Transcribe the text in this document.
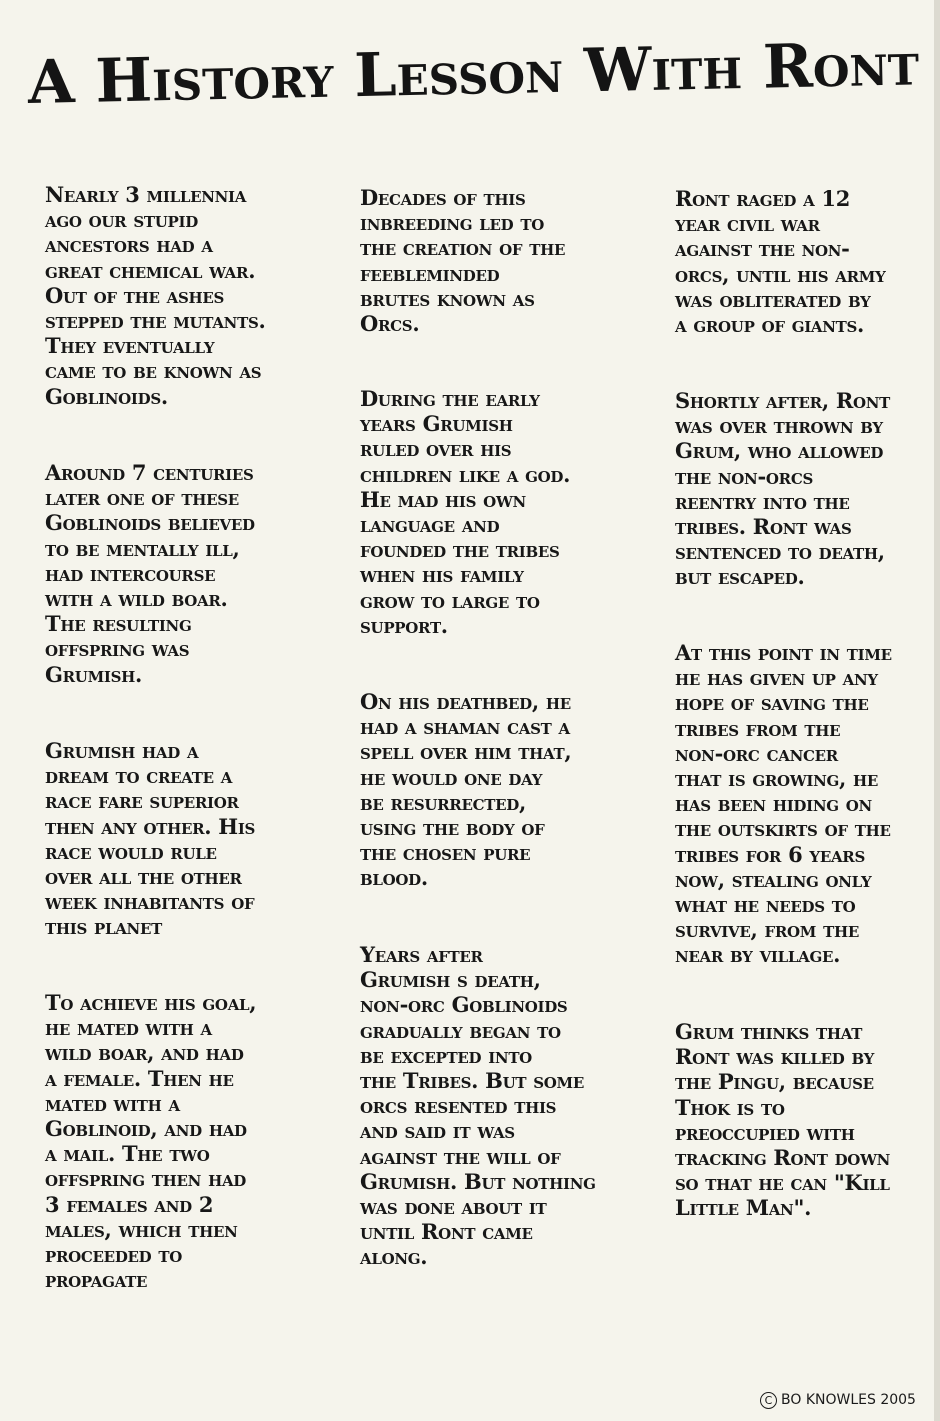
A History Lesson With Ront

Nearly 3 millennia
ago our stupid
ancestors had a
great chemical war.
Out of the ashes
stepped the mutants.
They eventually
came to be known as
Goblinoids.

Around 7 centuries
later one of these
Goblinoids believed
to be mentally ill,
had intercourse
with a wild boar.
The resulting
offspring was
Grumish.

Grumish had a
dream to create a
race fare superior
then any other. His
race would rule
over all the other
week inhabitants of
this planet

To achieve his goal,
he mated with a
wild boar, and had
a female. Then he
mated with a
Goblinoid, and had
a mail. The two
offspring then had
3 females and 2
males, which then
proceeded to
propagate

Decades of this
inbreeding led to
the creation of the
feebleminded
brutes known as
Orcs.

During the early
years Grumish
ruled over his
children like a god.
He mad his own
language and
founded the tribes
when his family
grow to large to
support.

On his deathbed, he
had a shaman cast a
spell over him that,
he would one day
be resurrected,
using the body of
the chosen pure
blood.

Years after
Grumish s death,
non-orc Goblinoids
gradually began to
be excepted into
the Tribes. But some
orcs resented this
and said it was
against the will of
Grumish. But nothing
was done about it
until Ront came
along.

Ront raged a 12
year civil war
against the non-
orcs, until his army
was obliterated by
a group of giants.

Shortly after, Ront
was over thrown by
Grum, who allowed
the non-orcs
reentry into the
tribes. Ront was
sentenced to death,
but escaped.

At this point in time
he has given up any
hope of saving the
tribes from the
non-orc cancer
that is growing, he
has been hiding on
the outskirts of the
tribes for 6 years
now, stealing only
what he needs to
survive, from the
near by village.

Grum thinks that
Ront was killed by
the Pingu, because
Thok is to
preoccupied with
tracking Ront down
so that he can "Kill
Little Man".

C BO KNOWLES 2005
